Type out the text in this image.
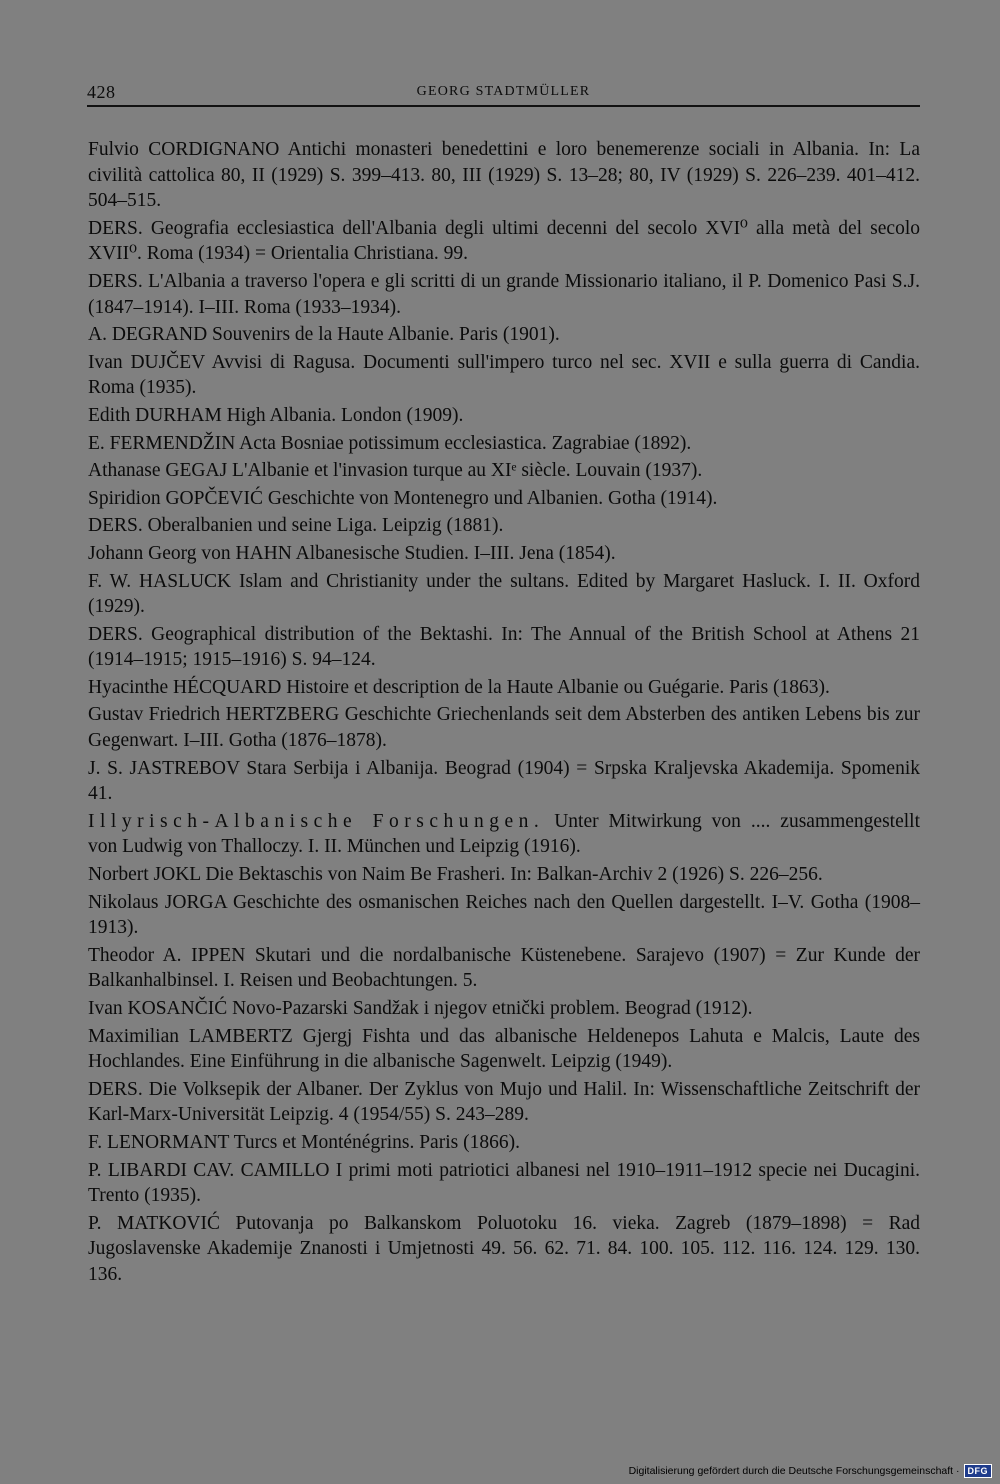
428	GEORG STADTMÜLLER

Fulvio CORDIGNANO Antichi monasteri benedettini e loro benemerenze sociali in Albania. In: La civilità cattolica 80, II (1929) S. 399–413. 80, III (1929) S. 13–28; 80, IV (1929) S. 226–239. 401–412. 504–515.

DERS. Geografia ecclesiastica dell'Albania degli ultimi decenni del secolo XVI⁰ alla metà del secolo XVII⁰. Roma (1934) = Orientalia Christiana. 99.

DERS. L'Albania a traverso l'opera e gli scritti di un grande Missionario italiano, il P. Domenico Pasi S.J. (1847–1914). I–III. Roma (1933–1934).

A. DEGRAND Souvenirs de la Haute Albanie. Paris (1901).

Ivan DUJČEV Avvisi di Ragusa. Documenti sull'impero turco nel sec. XVII e sulla guerra di Candia. Roma (1935).

Edith DURHAM High Albania. London (1909).

E. FERMENDŽIN Acta Bosniae potissimum ecclesiastica. Zagrabiae (1892).

Athanase GEGAJ L'Albanie et l'invasion turque au XIᵉ siècle. Louvain (1937).

Spiridion GOPČEVIĆ Geschichte von Montenegro und Albanien. Gotha (1914).

DERS. Oberalbanien und seine Liga. Leipzig (1881).

Johann Georg von HAHN Albanesische Studien. I–III. Jena (1854).

F. W. HASLUCK Islam and Christianity under the sultans. Edited by Margaret Hasluck. I. II. Oxford (1929).

DERS. Geographical distribution of the Bektashi. In: The Annual of the British School at Athens 21 (1914–1915; 1915–1916) S. 94–124.

Hyacinthe HÉCQUARD Histoire et description de la Haute Albanie ou Guégarie. Paris (1863).

Gustav Friedrich HERTZBERG Geschichte Griechenlands seit dem Absterben des antiken Lebens bis zur Gegenwart. I–III. Gotha (1876–1878).

J. S. JASTREBOV Stara Serbija i Albanija. Beograd (1904) = Srpska Kraljevska Akademija. Spomenik 41.

Illyrisch-Albanische Forschungen. Unter Mitwirkung von .... zusammengestellt von Ludwig von Thalloczy. I. II. München und Leipzig (1916).

Norbert JOKL Die Bektaschis von Naim Be Frasheri. In: Balkan-Archiv 2 (1926) S. 226–256.

Nikolaus JORGA Geschichte des osmanischen Reiches nach den Quellen dargestellt. I–V. Gotha (1908–1913).

Theodor A. IPPEN Skutari und die nordalbanische Küstenebene. Sarajevo (1907) = Zur Kunde der Balkanhalbinsel. I. Reisen und Beobachtungen. 5.

Ivan KOSANČIĆ Novo-Pazarski Sandžak i njegov etnički problem. Beograd (1912).

Maximilian LAMBERTZ Gjergj Fishta und das albanische Heldenepos Lahuta e Malcis, Laute des Hochlandes. Eine Einführung in die albanische Sagenwelt. Leipzig (1949).

DERS. Die Volksepik der Albaner. Der Zyklus von Mujo und Halil. In: Wissenschaftliche Zeitschrift der Karl-Marx-Universität Leipzig. 4 (1954/55) S. 243–289.

F. LENORMANT Turcs et Monténégrins. Paris (1866).

P. LIBARDI CAV. CAMILLO I primi moti patriotici albanesi nel 1910–1911–1912 specie nei Ducagini. Trento (1935).

P. MATKOVIĆ Putovanja po Balkanskom Poluotoku 16. vieka. Zagreb (1879–1898) = Rad Jugoslavenske Akademije Znanosti i Umjetnosti 49. 56. 62. 71. 84. 100. 105. 112. 116. 124. 129. 130. 136.

Digitalisierung gefördert durch die Deutsche Forschungsgemeinschaft · DFG
